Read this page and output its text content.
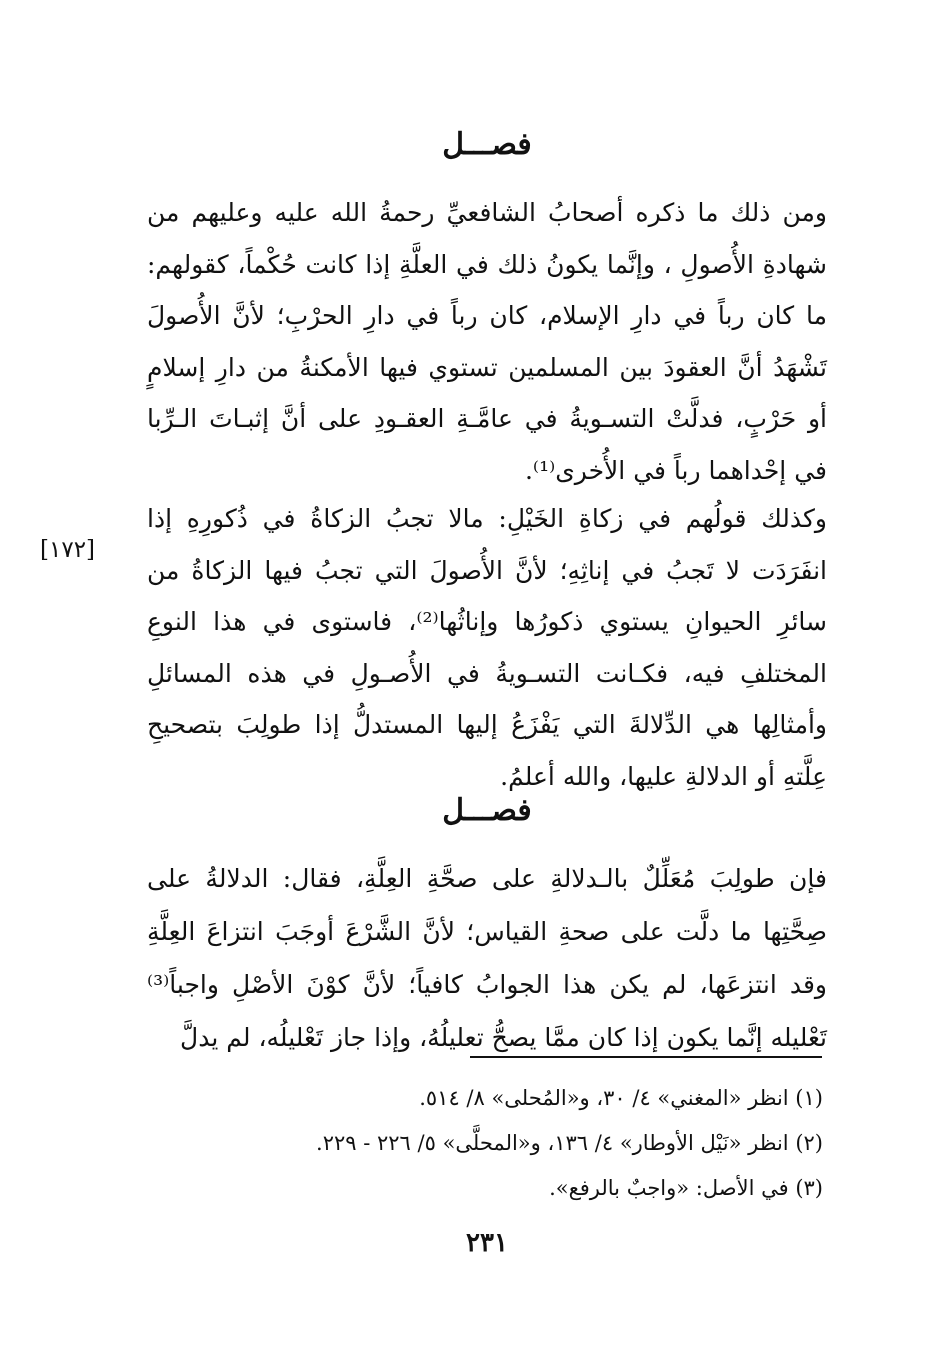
فصـــل
ومن ذلك ما ذكره أصحابُ الشافعيِّ رحمةُ الله عليه وعليهم من شهادةِ الأُصولِ ، وإنَّما يكونُ ذلك في العلَّةِ إذا كانت حُكْماً، كقولهم: ما كان رباً في دارِ الإسلام، كان رباً في دارِ الحرْبِ؛ لأنَّ الأُصولَ تَشْهَدُ أنَّ العقودَ بين المسلمين تستوي فيها الأمكنةُ من دارِ إسلامٍ أو حَرْبٍ، فدلَّتْ التسـويةُ في عامَّـةِ العقـودِ على أنَّ إثبـاتَ الـرِّبا في إحْداهما رباً في الأُخرى⁽¹⁾.
[١٧٢]
وكذلك قولُهم في زكاةِ الخَيْلِ: مالا تجبُ الزكاةُ في ذُكورِهِ إذا انفَرَدَت لا تَجبُ في إناثِهِ؛ لأنَّ الأُصولَ التي تجبُ فيها الزكاةُ من سائرِ الحيوانِ يستوي ذكورُها وإناثُها⁽²⁾، فاستوى في هذا النوعِ المختلفِ فيه، فكـانت التسـويةُ في الأُصـولِ في هذه المسائلِ وأمثالِها هي الدِّلالةَ التي يَفْزَعُ إليها المستدلُّ إذا طولِبَ بتصحيحِ عِلَّتهِ أو الدلالةِ عليها، والله أعلمُ.
فصـــل
فإن طولِبَ مُعَلِّلٌ بالـدلالةِ على صحَّةِ العِلَّةِ، فقال: الدلالةُ على صِحَّتِها ما دلَّت على صحةِ القياس؛ لأنَّ الشَّرْعَ أوجَبَ انتزاعَ العِلَّةِ وقد انتزعَها، لم يكن هذا الجوابُ كافياً؛ لأنَّ كوْنَ الأصْلِ واجباً⁽³⁾ تَعْليله إنَّما يكون إذا كان ممَّا يصحُّ تعليلُهُ، وإذا جاز تَعْليلُه، لم يدلَّ
(١) انظر «المغني» ٤/ ٣٠، و«المُحلى» ٨/ ٥١٤.
(٢) انظر «نَيْل الأوطار» ٤/ ١٣٦، و«المحلَّى» ٥/ ٢٢٦ - ٢٢٩.
(٣) في الأصل: «واجبٌ بالرفع».
٢٣١
